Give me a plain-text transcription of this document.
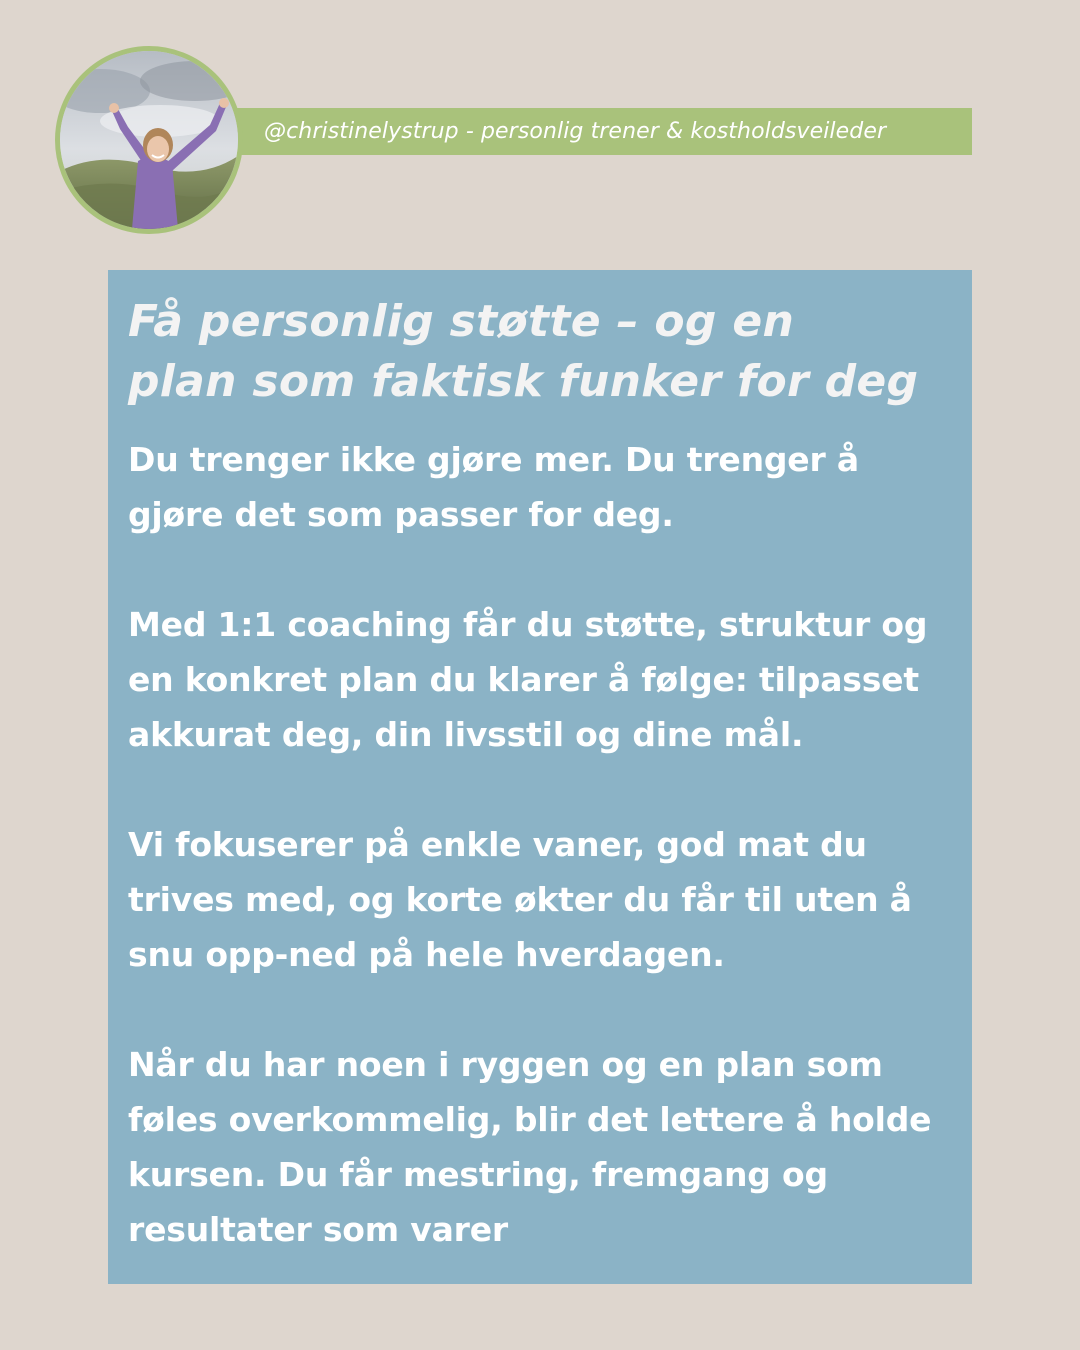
@christinelystrup - personlig trener & kostholdsveileder
Få personlig støtte – og en
plan som faktisk funker for deg

Du trenger ikke gjøre mer. Du trenger å
gjøre det som passer for deg.

Med 1:1 coaching får du støtte, struktur og
en konkret plan du klarer å følge: tilpasset
akkurat deg, din livsstil og dine mål.

Vi fokuserer på enkle vaner, god mat du
trives med, og korte økter du får til uten å
snu opp-ned på hele hverdagen.

Når du har noen i ryggen og en plan som
føles overkommelig, blir det lettere å holde
kursen. Du får mestring, fremgang og
resultater som varer
